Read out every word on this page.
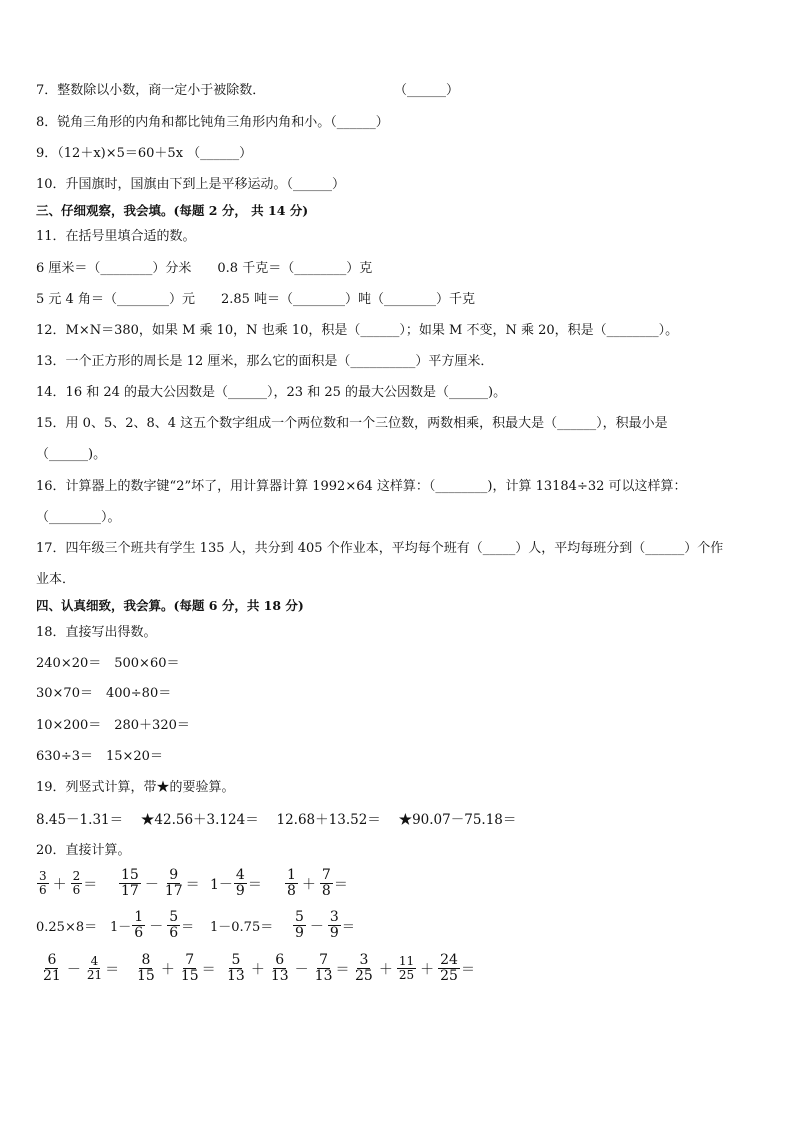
7．整数除以小数，商一定小于被除数．	（______）
8．锐角三角形的内角和都比钝角三角形内角和小。（______）
9．（12＋x)×5＝60＋5x （______）
10．升国旗时，国旗由下到上是平移运动。（______）
三、仔细观察，我会填。(每题 2 分， 共 14 分)
11．在括号里填合适的数。
6 厘米＝（________）分米　　0.8 千克＝（________）克
5 元 4 角＝（________）元　　2.85 吨＝（________）吨（________）千克
12．M×N＝380，如果 M 乘 10，N 也乘 10，积是（______）；如果 M 不变，N 乘 20，积是（________）。
13．一个正方形的周长是 12 厘米，那么它的面积是（__________）平方厘米．
14．16 和 24 的最大公因数是（______），23 和 25 的最大公因数是（______)。
15．用 0、5、2、8、4 这五个数字组成一个两位数和一个三位数，两数相乘，积最大是（______），积最小是
（______)。
16．计算器上的数字键“2”坏了，用计算器计算 1992×64 这样算：（________)，计算 13184÷32 可以这样算：
（________）。
17．四年级三个班共有学生 135 人，共分到 405 个作业本，平均每个班有（_____）人，平均每班分到（______）个作
业本．
四、认真细致，我会算。(每题 6 分，共 18 分)
18．直接写出得数。
240×20＝　500×60＝
30×70＝　400÷80＝
10×200＝　280＋320＝
630÷3＝　15×20＝
19．列竖式计算，带★的要验算。
8.45－1.31＝　 ★42.56＋3.124＝　 12.68＋13.52＝　 ★90.07－75.18＝
20．直接计算。
$\frac{3}{6} + \frac{2}{6} = \frac{15}{17} - \frac{9}{17} = 1- \frac{4}{9} = \frac{1}{8} + \frac{7}{8}$ ＝
$0.25\times 8= 1- \frac{1}{6} - \frac{5}{6} = 1-0.75=$	$\frac{5}{9} - \frac{3}{9}$ ＝
$\frac{6}{21} - \frac{4}{21} = \frac{8}{15} + \frac{7}{15} = \frac{5}{13} + \frac{6}{13} - \frac{7}{13} = \frac{3}{25} + \frac{11}{25} + \frac{24}{25}$ ＝
